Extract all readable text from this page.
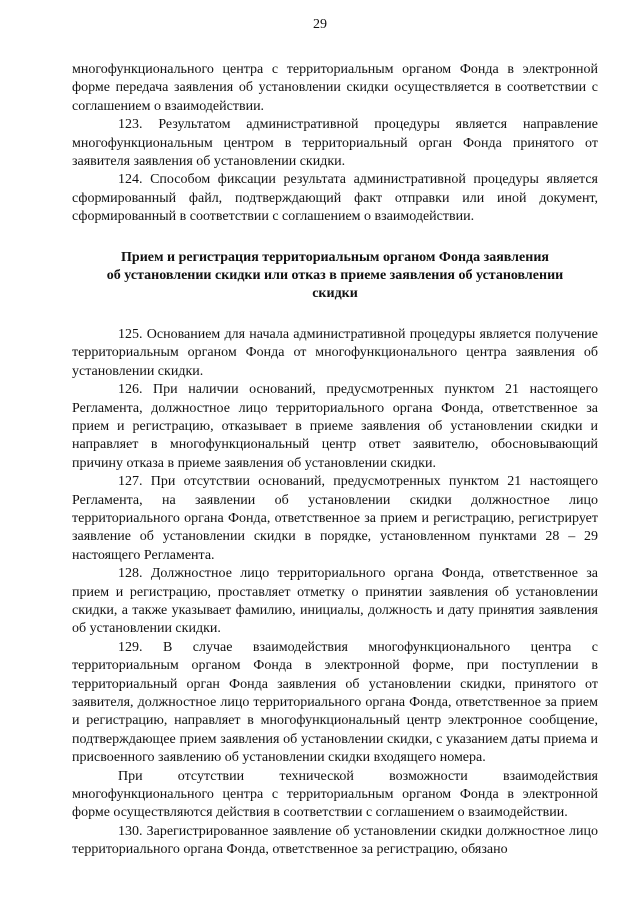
29

многофункционального центра с территориальным органом Фонда в электронной форме передача заявления об установлении скидки осуществляется в соответствии с соглашением о взаимодействии.

123. Результатом административной процедуры является направление многофункциональным центром в территориальный орган Фонда принятого от заявителя заявления об установлении скидки.

124. Способом фиксации результата административной процедуры является сформированный файл, подтверждающий факт отправки или иной документ, сформированный в соответствии с соглашением о взаимодействии.

Прием и регистрация территориальным органом Фонда заявления
об установлении скидки или отказ в приеме заявления об установлении
скидки

125. Основанием для начала административной процедуры является получение территориальным органом Фонда от многофункционального центра заявления об установлении скидки.

126. При наличии оснований, предусмотренных пунктом 21 настоящего Регламента, должностное лицо территориального органа Фонда, ответственное за прием и регистрацию, отказывает в приеме заявления об установлении скидки и направляет в многофункциональный центр ответ заявителю, обосновывающий причину отказа в приеме заявления об установлении скидки.

127. При отсутствии оснований, предусмотренных пунктом 21 настоящего Регламента, на заявлении об установлении скидки должностное лицо территориального органа Фонда, ответственное за прием и регистрацию, регистрирует заявление об установлении скидки в порядке, установленном пунктами 28 – 29 настоящего Регламента.

128. Должностное лицо территориального органа Фонда, ответственное за прием и регистрацию, проставляет отметку о принятии заявления об установлении скидки, а также указывает фамилию, инициалы, должность и дату принятия заявления об установлении скидки.

129. В случае взаимодействия многофункционального центра с территориальным органом Фонда в электронной форме, при поступлении в территориальный орган Фонда заявления об установлении скидки, принятого от заявителя, должностное лицо территориального органа Фонда, ответственное за прием и регистрацию, направляет в многофункциональный центр электронное сообщение, подтверждающее прием заявления об установлении скидки, с указанием даты приема и присвоенного заявлению об установлении скидки входящего номера.

При отсутствии технической возможности взаимодействия многофункционального центра с территориальным органом Фонда в электронной форме осуществляются действия в соответствии с соглашением о взаимодействии.

130. Зарегистрированное заявление об установлении скидки должностное лицо территориального органа Фонда, ответственное за регистрацию, обязано
